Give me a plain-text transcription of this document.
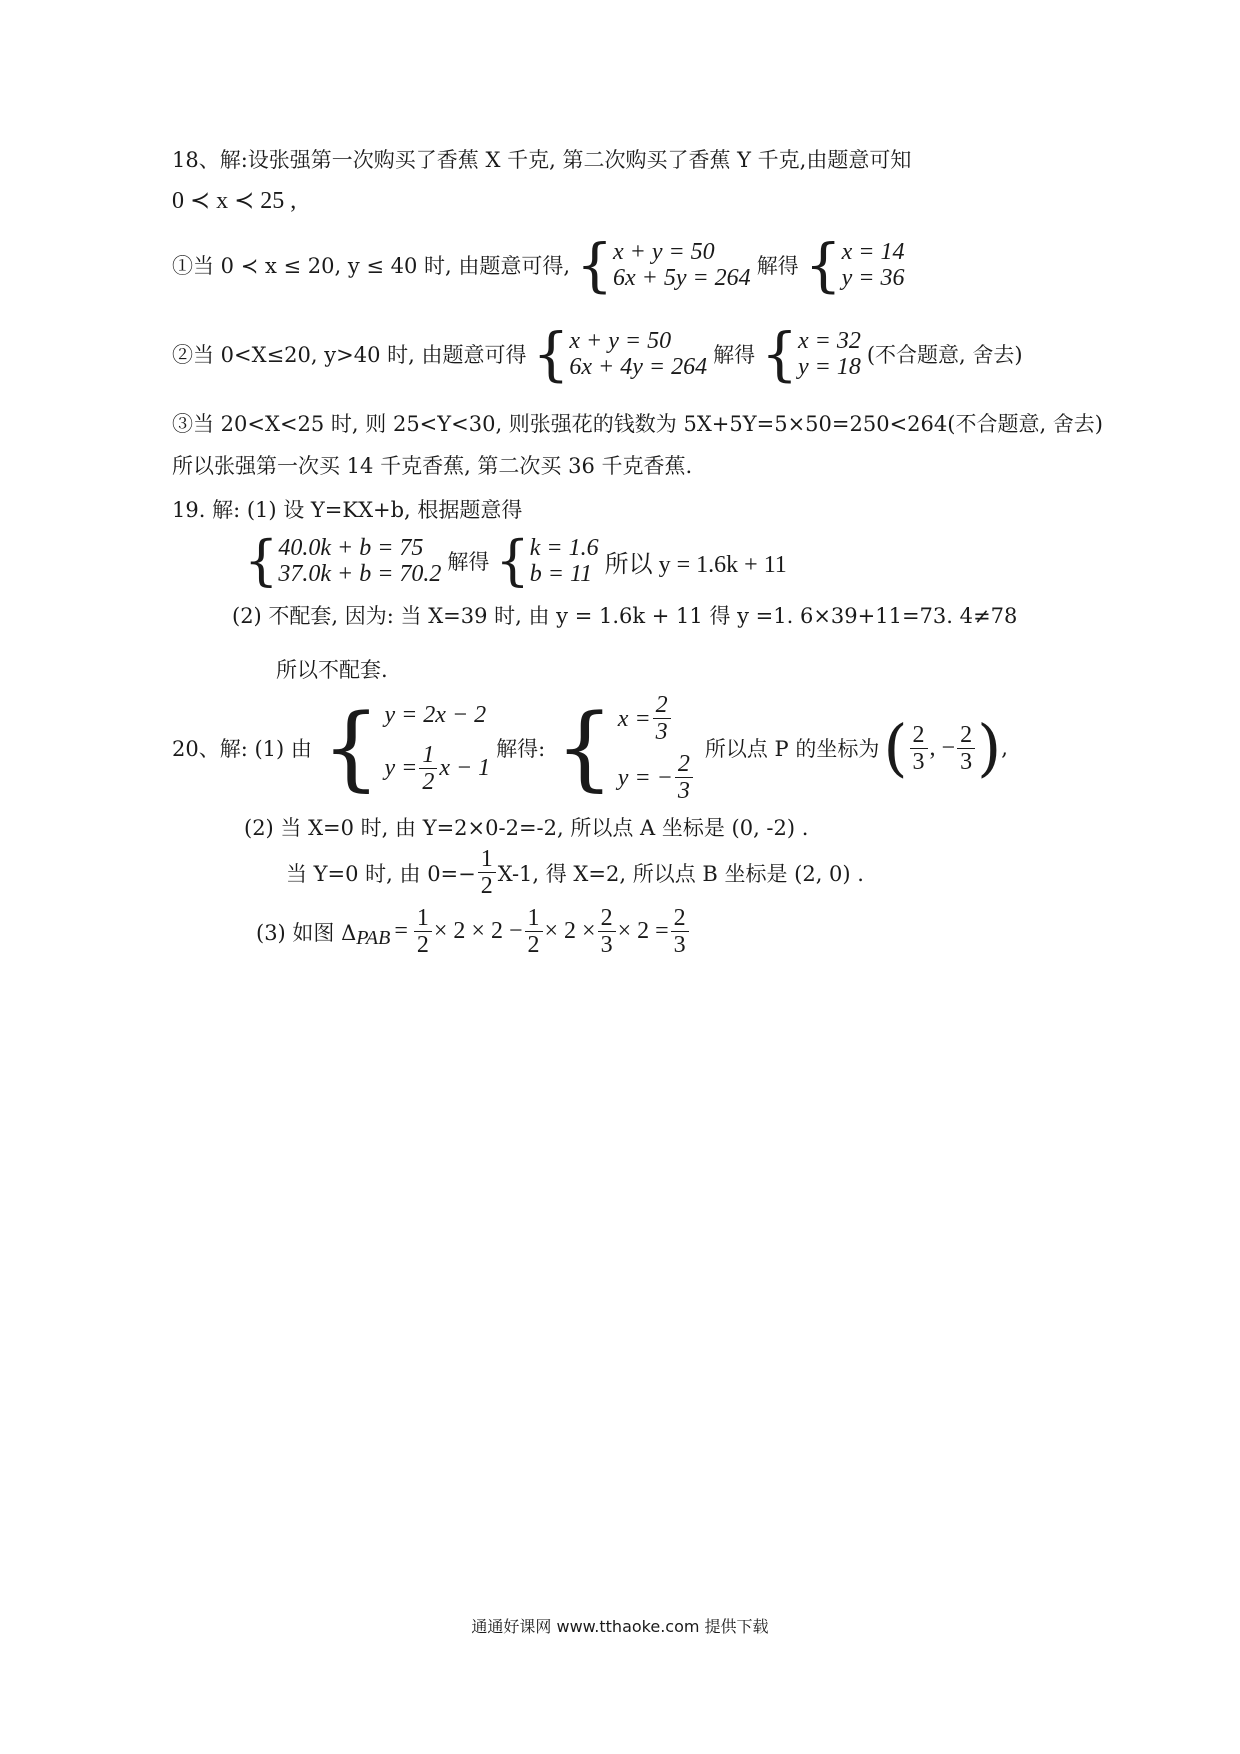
18、解:设张强第一次购买了香蕉 X 千克, 第二次购买了香蕉 Y 千克,由题意可知
0 ≺ x ≺ 25 ,
①当 0 ≺ x ≤ 20, y ≤ 40 时, 由题意可得, { x + y = 50
6x + 5y = 264 解得 { x = 14
y = 36
②当 0<X≤20, y>40 时, 由题意可得 { x + y = 50
6x + 4y = 264 解得 { x = 32
y = 18 (不合题意, 舍去)
③当 20<X<25 时, 则 25<Y<30, 则张强花的钱数为 5X+5Y=5×50=250<264(不合题意, 舍去)
所以张强第一次买 14 千克香蕉, 第二次买 36 千克香蕉.
19. 解: (1) 设 Y=KX+b, 根据题意得
{ 40.0k + b = 75
37.0k + b = 70.2 解得 { k = 1.6
b = 11 所以 y = 1.6k + 11
(2) 不配套, 因为: 当 X=39 时, 由 y = 1.6k + 11 得 y =1. 6×39+11=73. 4≠78
所以不配套.
20、解: (1) 由 { y = 2x − 2
$y = \frac{1}{2}$ x − 1
解得: { $x = \frac{2}{3}$
y = − $\frac{2}{3}$
所以点 P 的坐标为 ( $\frac{2}{3}$ , − $\frac{2}{3}$ ) ,
(2) 当 X=0 时, 由 Y=2×0-2=-2, 所以点 A 坐标是 (0, -2) .
当 Y=0 时, 由 $0=- \frac{1}{2} X-1$, 得 X=2, 所以点 B 坐标是 (2, 0) .
(3) 如图 Δ PAB = $\frac{1}{2} \times 2 \times 2 - \frac{1}{2} \times 2 \times \frac{2}{3} \times 2 = \frac{2}{3}$
通通好课网 www.tthaoke.com 提供下载
